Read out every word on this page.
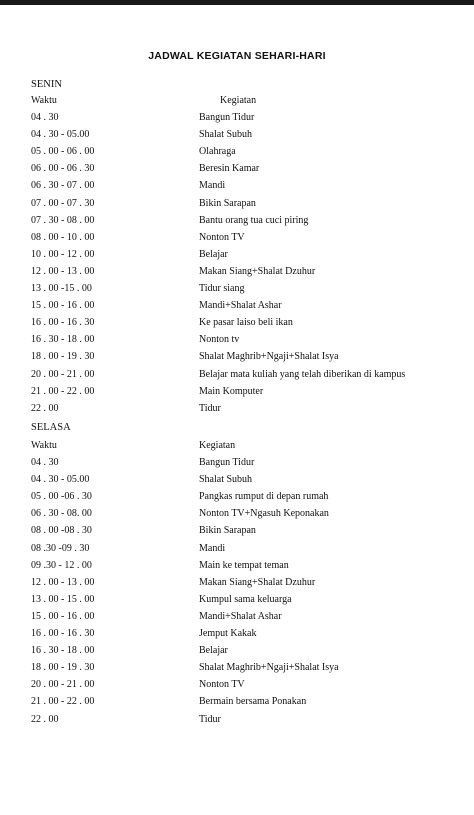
JADWAL KEGIATAN SEHARI-HARI
SENIN
Waktu	Kegiatan
04 . 30	Bangun Tidur
04 . 30 - 05.00	Shalat Subuh
05 . 00 - 06 . 00	Olahraga
06 . 00 - 06 . 30	Beresin Kamar
06 . 30 - 07 . 00	Mandi
07 . 00 - 07 . 30	Bikin Sarapan
07 . 30 - 08 . 00	Bantu orang tua cuci piring
08 . 00 - 10 . 00	Nonton TV
10 . 00 - 12 . 00	Belajar
12 . 00 - 13 . 00	Makan Siang+Shalat Dzuhur
13 . 00 -15 . 00	Tidur siang
15 . 00 - 16 . 00	Mandi+Shalat Ashar
16 . 00 - 16 . 30	Ke pasar laiso beli ikan
16 . 30 - 18 . 00	Nonton tv
18 . 00 - 19 . 30	Shalat Maghrib+Ngaji+Shalat Isya
20 . 00 - 21 . 00	Belajar mata kuliah yang telah diberikan di kampus
21 . 00 - 22 . 00	Main Komputer
22 . 00	Tidur
SELASA
Waktu	Kegiatan
04 . 30	Bangun Tidur
04 . 30 - 05.00	Shalat Subuh
05 . 00 -06 . 30	Pangkas rumput di depan rumah
06 . 30 - 08. 00	Nonton TV+Ngasuh Keponakan
08 . 00 -08 . 30	Bikin Sarapan
08 .30 -09 . 30	Mandi
09 .30 - 12 . 00	Main ke tempat teman
12 . 00 - 13 . 00	Makan Siang+Shalat Dzuhur
13 . 00 - 15 . 00	Kumpul sama keluarga
15 . 00 - 16 . 00	Mandi+Shalat Ashar
16 . 00 - 16 . 30	Jemput Kakak
16 . 30 - 18 . 00	Belajar
18 . 00 - 19 . 30	Shalat Maghrib+Ngaji+Shalat Isya
20 . 00 - 21 . 00	Nonton TV
21 . 00 - 22 . 00	Bermain bersama Ponakan
22 . 00	Tidur
